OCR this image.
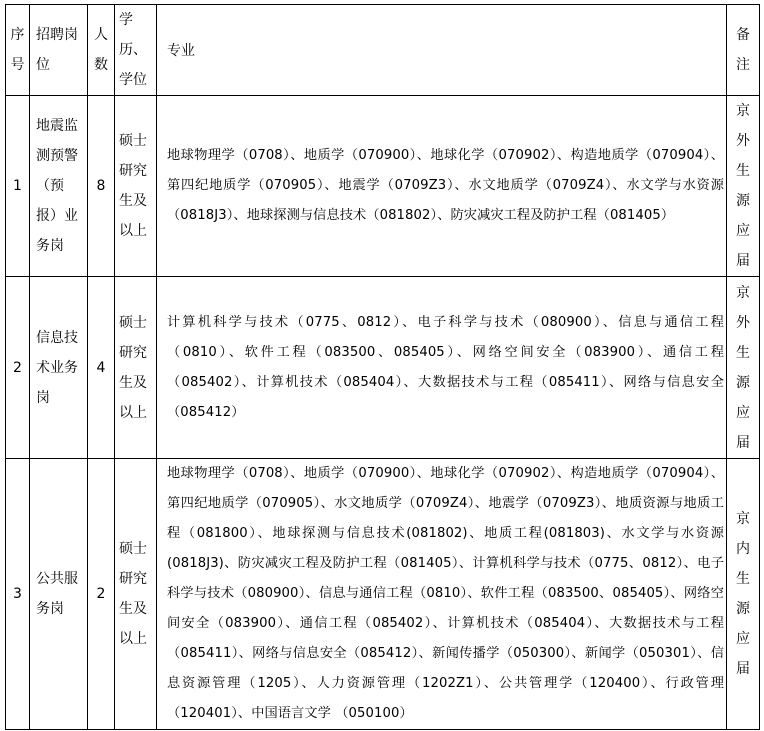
序号	招聘岗位	人数	学历、学位	专业	备注
1	地震监测预警（预报）业务岗	8	硕士研究生及以上	地球物理学（0708）、地质学（070900）、地球化学（070902）、构造地质学（070904）、第四纪地质学（070905）、地震学（0709Z3）、水文地质学（0709Z4）、水文学与水资源（0818J3）、地球探测与信息技术（081802）、防灾减灾工程及防护工程（081405）	京外生源应届
2	信息技术业务岗	4	硕士研究生及以上	计算机科学与技术（0775、0812）、电子科学与技术（080900）、信息与通信工程（0810）、软件工程（083500、085405）、网络空间安全（083900）、通信工程（085402）、计算机技术（085404）、大数据技术与工程（085411）、网络与信息安全（085412）	京外生源应届
3	公共服务岗	2	硕士研究生及以上	地球物理学（0708）、地质学（070900）、地球化学（070902）、构造地质学（070904）、第四纪地质学（070905）、水文地质学（0709Z4）、地震学（0709Z3）、地质资源与地质工程（081800）、地球探测与信息技术(081802)、地质工程(081803)、水文学与水资源(0818J3)、防灾减灾工程及防护工程（081405）、计算机科学与技术（0775、0812）、电子科学与技术（080900）、信息与通信工程（0810）、软件工程（083500、085405）、网络空间安全（083900）、通信工程（085402）、计算机技术（085404）、大数据技术与工程（085411）、网络与信息安全（085412）、新闻传播学（050300）、新闻学（050301）、信息资源管理（1205）、人力资源管理（1202Z1）、公共管理学（120400）、行政管理（120401）、中国语言文学 （050100）	京内生源应届
